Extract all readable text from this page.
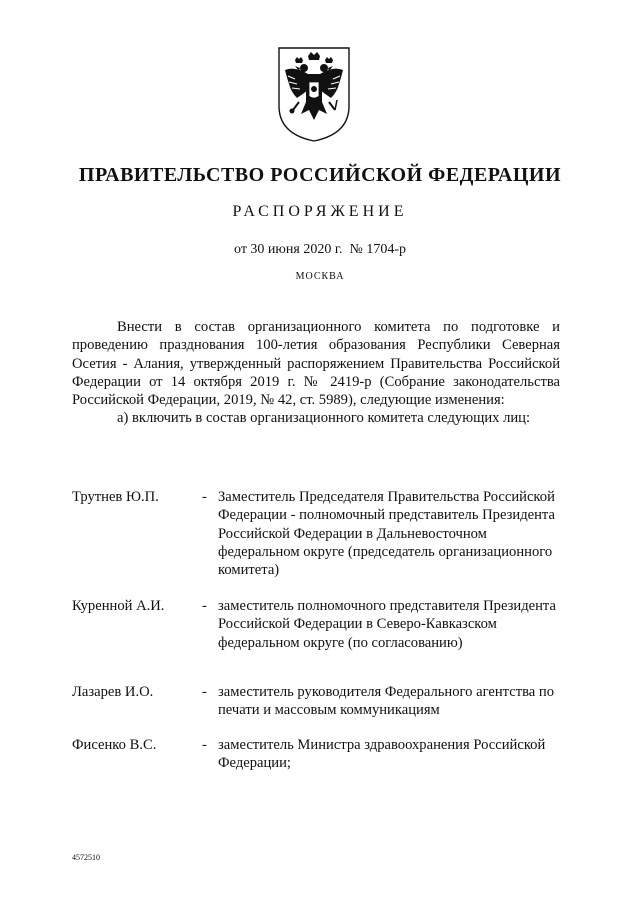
ПРАВИТЕЛЬСТВО РОССИЙСКОЙ ФЕДЕРАЦИИ
РАСПОРЯЖЕНИЕ
от 30 июня 2020 г.  № 1704-р
МОСКВА

Внести в состав организационного комитета по подготовке и проведению празднования 100-летия образования Республики Северная Осетия - Алания, утвержденный распоряжением Правительства Российской Федерации от 14 октября 2019 г. № 2419-р (Собрание законодательства Российской Федерации, 2019, № 42, ст. 5989), следующие изменения:

а) включить в состав организационного комитета следующих лиц:

Трутнев Ю.П.	- Заместитель Председателя Правительства Российской Федерации - полномочный представитель Президента Российской Федерации в Дальневосточном федеральном округе (председатель организационного комитета)
Куренной А.И.	- заместитель полномочного представителя Президента Российской Федерации в Северо-Кавказском федеральном округе (по согласованию)
Лазарев И.О.	- заместитель руководителя Федерального агентства по печати и массовым коммуникациям
Фисенко В.С.	- заместитель Министра здравоохранения Российской Федерации;
4572510
